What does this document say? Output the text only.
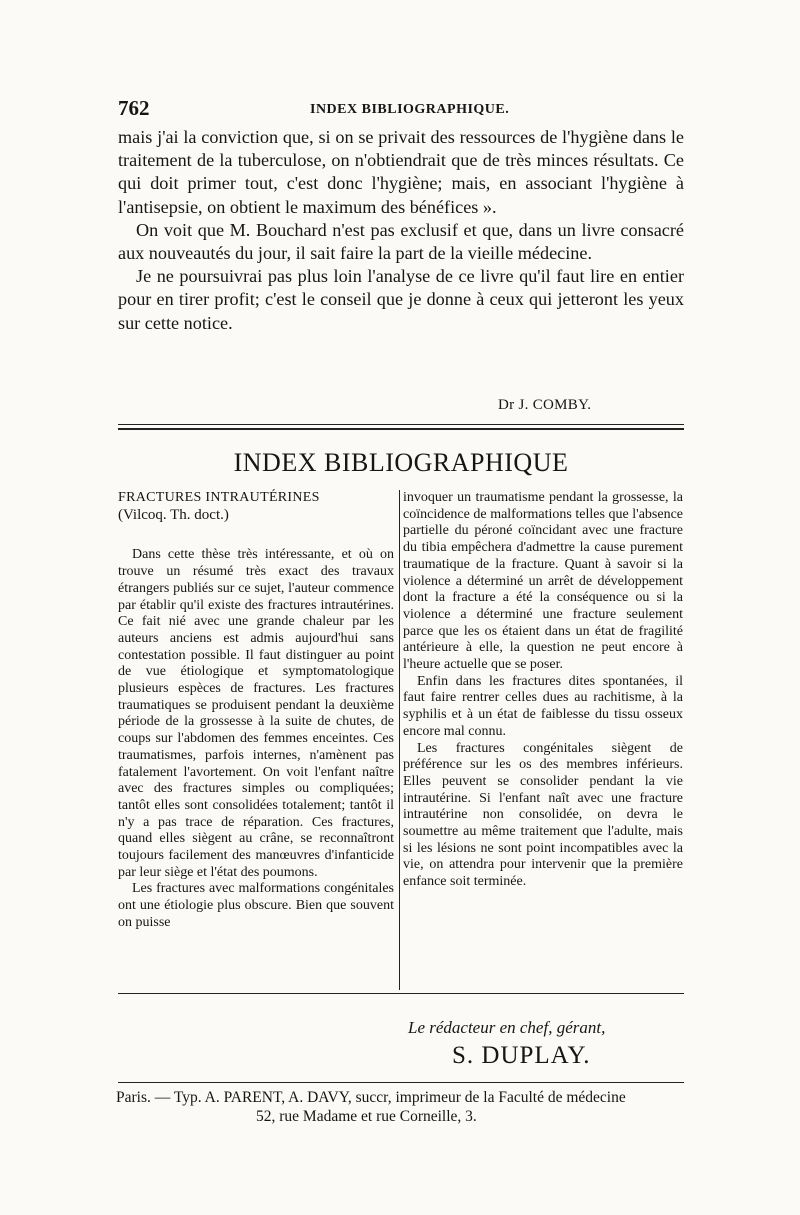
762	INDEX BIBLIOGRAPHIQUE.

mais j'ai la conviction que, si on se privait des ressources de l'hygiène dans le traitement de la tuberculose, on n'obtiendrait que de très minces résultats. Ce qui doit primer tout, c'est donc l'hygiène; mais, en associant l'hygiène à l'antisepsie, on obtient le maximum des bénéfices ».

On voit que M. Bouchard n'est pas exclusif et que, dans un livre consacré aux nouveautés du jour, il sait faire la part de la vieille médecine.

Je ne poursuivrai pas plus loin l'analyse de ce livre qu'il faut lire en entier pour en tirer profit; c'est le conseil que je donne à ceux qui jetteront les yeux sur cette notice.

Dr J. COMBY.
INDEX BIBLIOGRAPHIQUE

FRACTURES INTRAUTÉRINES

(Vilcoq. Th. doct.)

Dans cette thèse très intéressante, et où on trouve un résumé très exact des travaux étrangers publiés sur ce sujet, l'auteur commence par établir qu'il existe des fractures intrautérines. Ce fait nié avec une grande chaleur par les auteurs anciens est admis aujourd'hui sans contestation possible. Il faut distinguer au point de vue étiologique et symptomatologique plusieurs espèces de fractures. Les fractures traumatiques se produisent pendant la deuxième période de la grossesse à la suite de chutes, de coups sur l'abdomen des femmes enceintes. Ces traumatismes, parfois internes, n'amènent pas fatalement l'avortement. On voit l'enfant naître avec des fractures simples ou compliquées; tantôt elles sont consolidées totalement; tantôt il n'y a pas trace de réparation. Ces fractures, quand elles siègent au crâne, se reconnaîtront toujours facilement des manœuvres d'infanticide par leur siège et l'état des poumons.

Les fractures avec malformations congénitales ont une étiologie plus obscure. Bien que souvent on puisse

invoquer un traumatisme pendant la grossesse, la coïncidence de malformations telles que l'absence partielle du péroné coïncidant avec une fracture du tibia empêchera d'admettre la cause purement traumatique de la fracture. Quant à savoir si la violence a déterminé un arrêt de développement dont la fracture a été la conséquence ou si la violence a déterminé une fracture seulement parce que les os étaient dans un état de fragilité antérieure à elle, la question ne peut encore à l'heure actuelle que se poser.

Enfin dans les fractures dites spontanées, il faut faire rentrer celles dues au rachitisme, à la syphilis et à un état de faiblesse du tissu osseux encore mal connu.

Les fractures congénitales siègent de préférence sur les os des membres inférieurs. Elles peuvent se consolider pendant la vie intrautérine. Si l'enfant naît avec une fracture intrautérine non consolidée, on devra le soumettre au même traitement que l'adulte, mais si les lésions ne sont point incompatibles avec la vie, on attendra pour intervenir que la première enfance soit terminée.

Le rédacteur en chef, gérant,
S. DUPLAY.
Paris. — Typ. A. PARENT, A. DAVY, succr, imprimeur de la Faculté de médecine
52, rue Madame et rue Corneille, 3.
